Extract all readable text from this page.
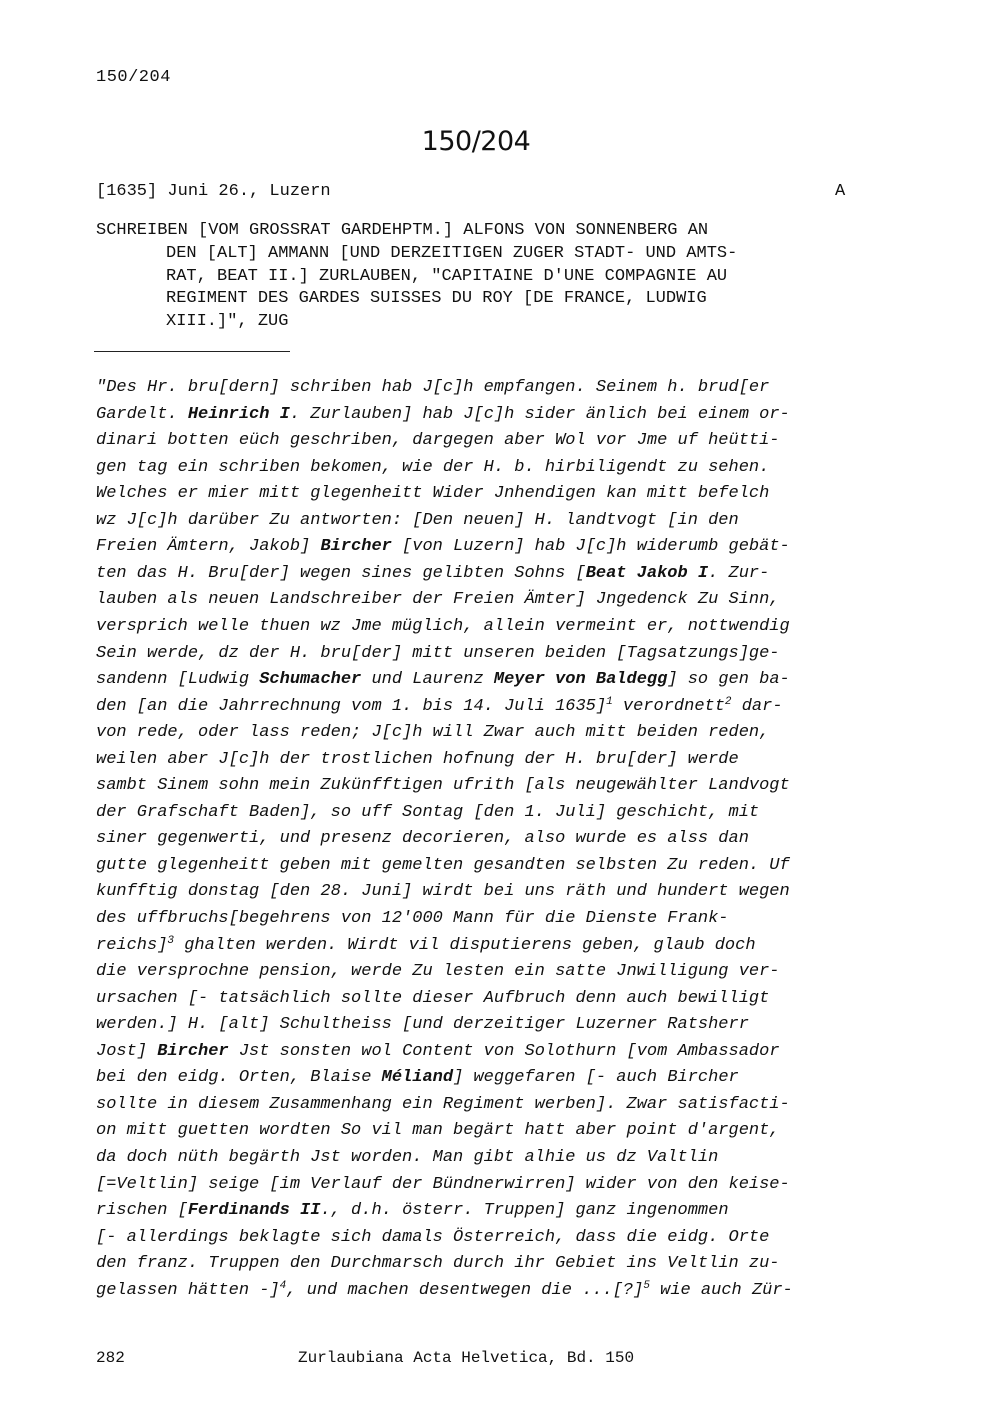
150/204
150/204
[1635] Juni 26., Luzern	A
SCHREIBEN [VOM GROSSRAT GARDEHPTM.] ALFONS VON SONNENBERG AN
DEN [ALT] AMMANN [UND DERZEITIGEN ZUGER STADT- UND AMTS-
RAT, BEAT II.] ZURLAUBEN, "CAPITAINE D'UNE COMPAGNIE AU
REGIMENT DES GARDES SUISSES DU ROY [DE FRANCE, LUDWIG
XIII.]", ZUG
"Des Hr. bru[dern] schriben hab J[c]h empfangen. Seinem h. brud[er
Gardelt. Heinrich I. Zurlauben] hab J[c]h sider änlich bei einem or-
dinari botten eüch geschriben, dargegen aber Wol vor Jme uf heütti-
gen tag ein schriben bekomen, wie der H. b. hirbiligendt zu sehen.
Welches er mier mitt glegenheitt Wider Jnhendigen kan mitt befelch
wz J[c]h darüber Zu antworten: [Den neuen] H. landtvogt [in den
Freien Ämtern, Jakob] Bircher [von Luzern] hab J[c]h widerumb gebät-
ten das H. Bru[der] wegen sines gelibten Sohns [Beat Jakob I. Zur-
lauben als neuen Landschreiber der Freien Ämter] Jngedenck Zu Sinn,
versprich welle thuen wz Jme müglich, allein vermeint er, nottwendig
Sein werde, dz der H. bru[der] mitt unseren beiden [Tagsatzungs]ge-
sandenn [Ludwig Schumacher und Laurenz Meyer von Baldegg] so gen ba-
den [an die Jahrrechnung vom 1. bis 14. Juli 1635]$^1$ verordnett$^2$ dar-
von rede, oder lass reden; J[c]h will Zwar auch mitt beiden reden,
weilen aber J[c]h der trostlichen hofnung der H. bru[der] werde
sambt Sinem sohn mein Zukünfftigen ufrith [als neugewählter Landvogt
der Grafschaft Baden], so uff Sontag [den 1. Juli] geschicht, mit
siner gegenwerti, und presenz decorieren, also wurde es alss dan
gutte glegenheitt geben mit gemelten gesandten selbsten Zu reden. Uf
kunfftig donstag [den 28. Juni] wirdt bei uns räth und hundert wegen
des uffbruchs[begehrens von 12'000 Mann für die Dienste Frank-
reichs]$^3$ ghalten werden. Wirdt vil disputierens geben, glaub doch
die versprochne pension, werde Zu lesten ein satte Jnwilligung ver-
ursachen [- tatsächlich sollte dieser Aufbruch denn auch bewilligt
werden.] H. [alt] Schultheiss [und derzeitiger Luzerner Ratsherr
Jost] Bircher Jst sonsten wol Content von Solothurn [vom Ambassador
bei den eidg. Orten, Blaise Méliand] weggefaren [- auch Bircher
sollte in diesem Zusammenhang ein Regiment werben]. Zwar satisfacti-
on mitt guetten wordten So vil man begärt hatt aber point d'argent,
da doch nüth begärth Jst worden. Man gibt alhie us dz Valtlin
[=Veltlin] seige [im Verlauf der Bündnerwirren] wider von den keise-
rischen [Ferdinands II., d.h. österr. Truppen] ganz ingenommen
[- allerdings beklagte sich damals Österreich, dass die eidg. Orte
den franz. Truppen den Durchmarsch durch ihr Gebiet ins Veltlin zu-
gelassen hätten -]$^4$, und machen desentwegen die ...[?]$^5$ wie auch Zür-
282	Zurlaubiana Acta Helvetica, Bd. 150
